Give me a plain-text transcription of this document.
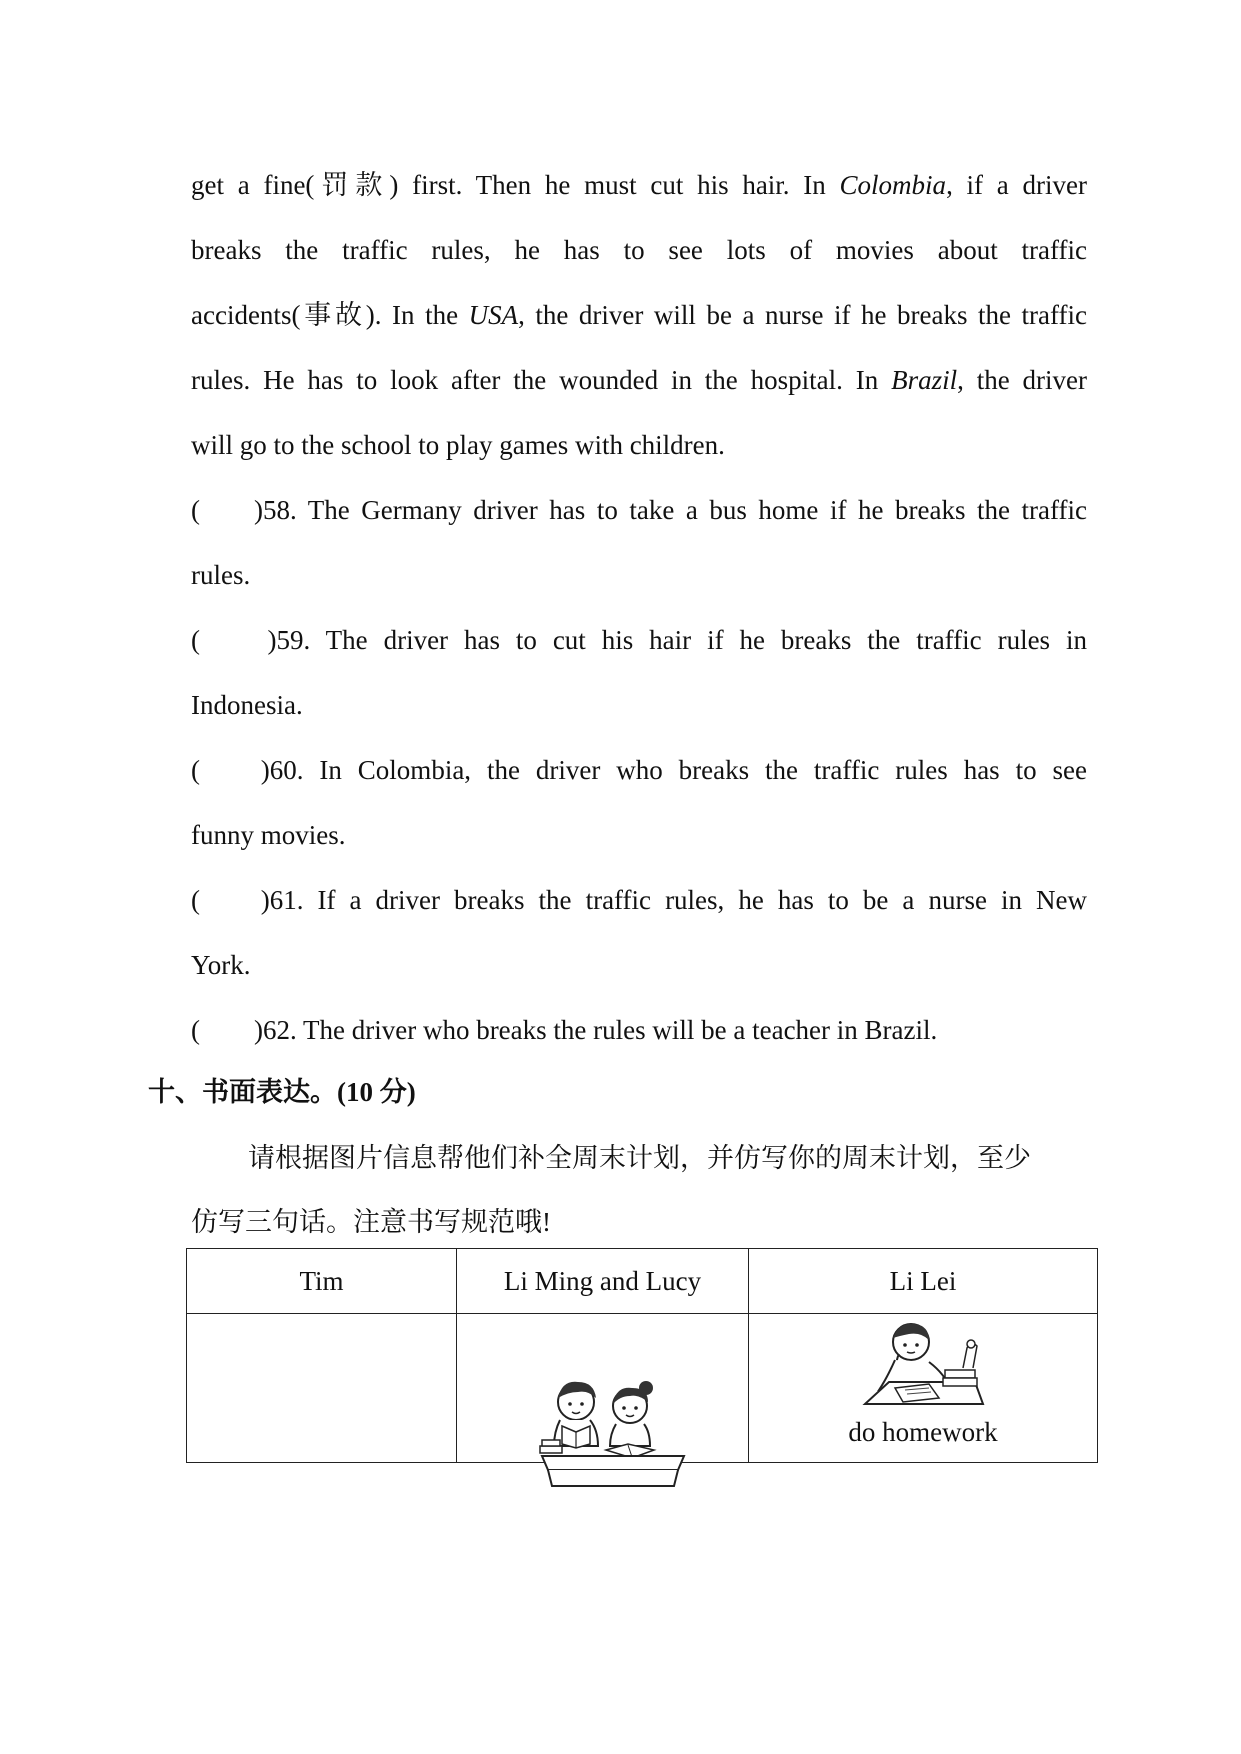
get a fine(罚款) first. Then he must cut his hair. In Colombia, if a driver
breaks the traffic rules, he has to see lots of movies about traffic
accidents(事故). In the USA, the driver will be a nurse if he breaks the traffic
rules. He has to look after the wounded in the hospital. In Brazil, the driver
will go to the school to play games with children.
(        )58. The Germany driver has to take a bus home if he breaks the traffic
rules.
(          )59. The driver has to cut his hair if he breaks the traffic rules in
Indonesia.
(         )60. In Colombia, the driver who breaks the traffic rules has to see
funny movies.
(         )61. If a driver breaks the traffic rules, he has to be a nurse in New
York.
(        )62. The driver who breaks the rules will be a teacher in Brazil.
十、书面表达。(10 分)
请根据图片信息帮他们补全周末计划，并仿写你的周末计划，至少
仿写三句话。注意书写规范哦!
Tim	Li Ming and Lucy	Li Lei

		do homework
